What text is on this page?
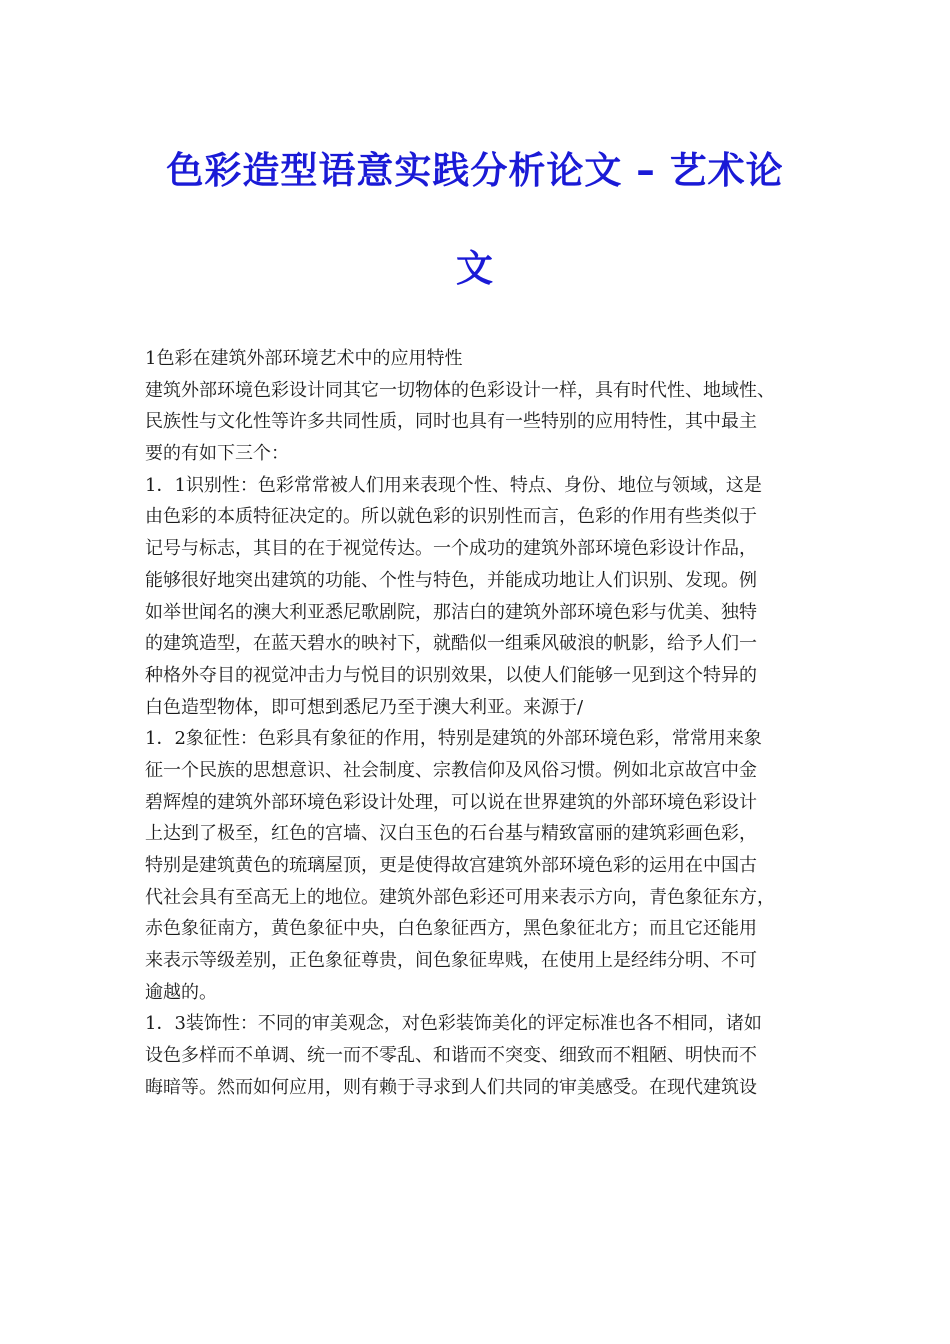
色彩造型语意实践分析论文 – 艺术论
文
1色彩在建筑外部环境艺术中的应用特性
建筑外部环境色彩设计同其它一切物体的色彩设计一样，具有时代性、地域性、
民族性与文化性等许多共同性质，同时也具有一些特别的应用特性，其中最主
要的有如下三个：
1．1识别性：色彩常常被人们用来表现个性、特点、身份、地位与领域，这是
由色彩的本质特征决定的。所以就色彩的识别性而言，色彩的作用有些类似于
记号与标志，其目的在于视觉传达。一个成功的建筑外部环境色彩设计作品，
能够很好地突出建筑的功能、个性与特色，并能成功地让人们识别、发现。例
如举世闻名的澳大利亚悉尼歌剧院，那洁白的建筑外部环境色彩与优美、独特
的建筑造型，在蓝天碧水的映衬下，就酷似一组乘风破浪的帆影，给予人们一
种格外夺目的视觉冲击力与悦目的识别效果，以使人们能够一见到这个特异的
白色造型物体，即可想到悉尼乃至于澳大利亚。来源于/
1．2象征性：色彩具有象征的作用，特别是建筑的外部环境色彩，常常用来象
征一个民族的思想意识、社会制度、宗教信仰及风俗习惯。例如北京故宫中金
碧辉煌的建筑外部环境色彩设计处理，可以说在世界建筑的外部环境色彩设计
上达到了极至，红色的宫墙、汉白玉色的石台基与精致富丽的建筑彩画色彩，
特别是建筑黄色的琉璃屋顶，更是使得故宫建筑外部环境色彩的运用在中国古
代社会具有至高无上的地位。建筑外部色彩还可用来表示方向，青色象征东方，
赤色象征南方，黄色象征中央，白色象征西方，黑色象征北方；而且它还能用
来表示等级差别，正色象征尊贵，间色象征卑贱，在使用上是经纬分明、不可
逾越的。
1．3装饰性：不同的审美观念，对色彩装饰美化的评定标准也各不相同，诸如
设色多样而不单调、统一而不零乱、和谐而不突变、细致而不粗陋、明快而不
晦暗等。然而如何应用，则有赖于寻求到人们共同的审美感受。在现代建筑设
